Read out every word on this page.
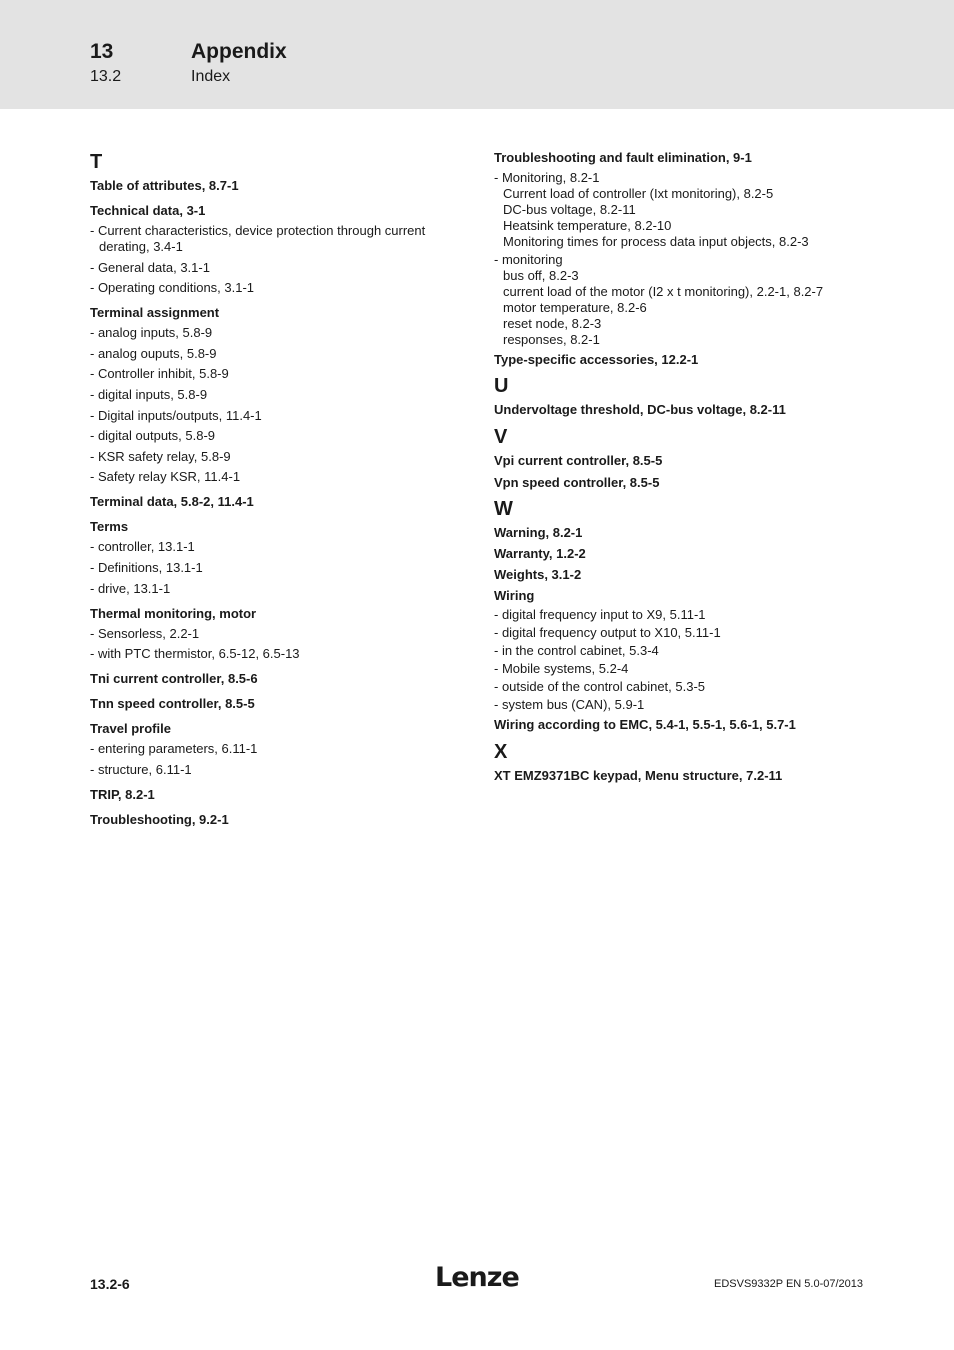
13	Appendix
13.2	Index
T
Table of attributes, 8.7-1
Technical data, 3-1
- Current characteristics, device protection through current derating, 3.4-1
- General data, 3.1-1
- Operating conditions, 3.1-1
Terminal assignment
- analog inputs, 5.8-9
- analog ouputs, 5.8-9
- Controller inhibit, 5.8-9
- digital inputs, 5.8-9
- Digital inputs/outputs, 11.4-1
- digital outputs, 5.8-9
- KSR safety relay, 5.8-9
- Safety relay KSR, 11.4-1
Terminal data, 5.8-2, 11.4-1
Terms
- controller, 13.1-1
- Definitions, 13.1-1
- drive, 13.1-1
Thermal monitoring, motor
- Sensorless, 2.2-1
- with PTC thermistor, 6.5-12, 6.5-13
Tni current controller, 8.5-6
Tnn speed controller, 8.5-5
Travel profile
- entering parameters, 6.11-1
- structure, 6.11-1
TRIP, 8.2-1
Troubleshooting, 9.2-1
Troubleshooting and fault elimination, 9-1
- Monitoring, 8.2-1
Current load of controller (Ixt monitoring), 8.2-5
DC-bus voltage, 8.2-11
Heatsink temperature, 8.2-10
Monitoring times for process data input objects, 8.2-3
- monitoring
bus off, 8.2-3
current load of the motor (I2 x t monitoring), 2.2-1, 8.2-7
motor temperature, 8.2-6
reset node, 8.2-3
responses, 8.2-1
Type-specific accessories, 12.2-1
U
Undervoltage threshold, DC-bus voltage, 8.2-11
V
Vpi current controller, 8.5-5
Vpn speed controller, 8.5-5
W
Warning, 8.2-1
Warranty, 1.2-2
Weights, 3.1-2
Wiring
- digital frequency input to X9, 5.11-1
- digital frequency output to X10, 5.11-1
- in the control cabinet, 5.3-4
- Mobile systems, 5.2-4
- outside of the control cabinet, 5.3-5
- system bus (CAN), 5.9-1
Wiring according to EMC, 5.4-1, 5.5-1, 5.6-1, 5.7-1
X
XT EMZ9371BC keypad, Menu structure, 7.2-11
13.2-6	Lenze	EDSVS9332P EN 5.0-07/2013
